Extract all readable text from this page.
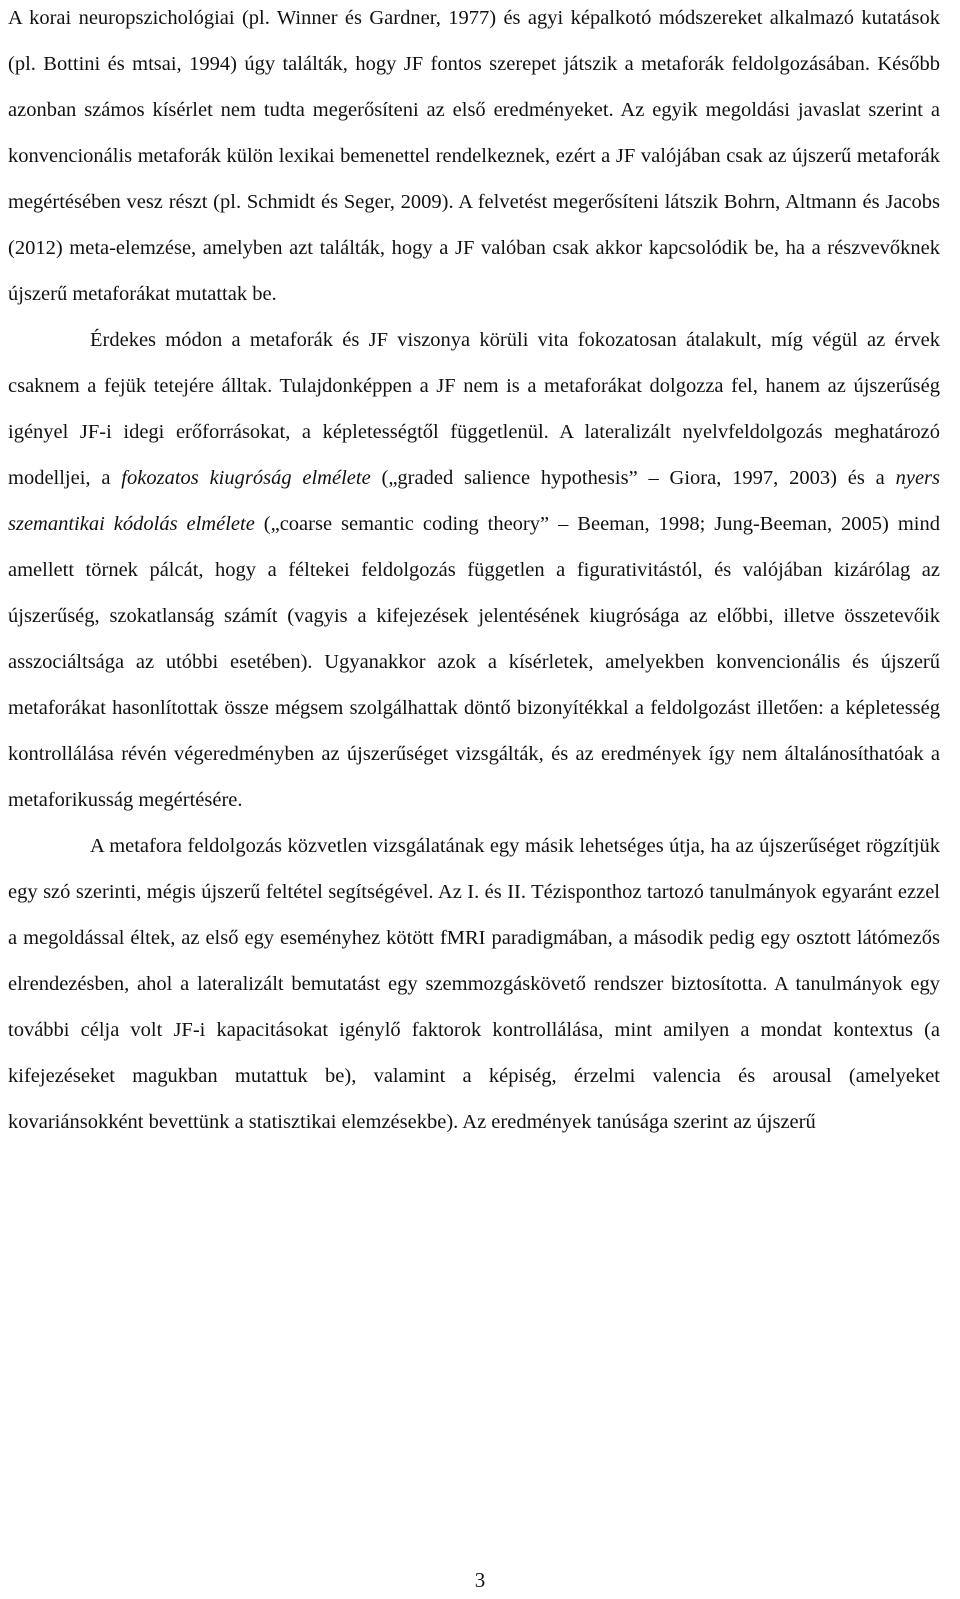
A korai neuropszichológiai (pl. Winner és Gardner, 1977) és agyi képalkotó módszereket alkalmazó kutatások (pl. Bottini és mtsai, 1994) úgy találták, hogy JF fontos szerepet játszik a metaforák feldolgozásában. Később azonban számos kísérlet nem tudta megerősíteni az első eredményeket. Az egyik megoldási javaslat szerint a konvencionális metaforák külön lexikai bemenettel rendelkeznek, ezért a JF valójában csak az újszerű metaforák megértésében vesz részt (pl. Schmidt és Seger, 2009). A felvetést megerősíteni látszik Bohrn, Altmann és Jacobs (2012) meta-elemzése, amelyben azt találták, hogy a JF valóban csak akkor kapcsolódik be, ha a részvevőknek újszerű metaforákat mutattak be.

Érdekes módon a metaforák és JF viszonya körüli vita fokozatosan átalakult, míg végül az érvek csaknem a fejük tetejére álltak. Tulajdonképpen a JF nem is a metaforákat dolgozza fel, hanem az újszerűség igényel JF-i idegi erőforrásokat, a képletességtől függetlenül. A lateralizált nyelvfeldolgozás meghatározó modelljei, a fokozatos kiugróság elmélete („graded salience hypothesis” – Giora, 1997, 2003) és a nyers szemantikai kódolás elmélete („coarse semantic coding theory” – Beeman, 1998; Jung-Beeman, 2005) mind amellett törnek pálcát, hogy a féltekei feldolgozás független a figurativitástól, és valójában kizárólag az újszerűség, szokatlanság számít (vagyis a kifejezések jelentésének kiugrósága az előbbi, illetve összetevőik asszociáltsága az utóbbi esetében). Ugyanakkor azok a kísérletek, amelyekben konvencionális és újszerű metaforákat hasonlítottak össze mégsem szolgálhattak döntő bizonyítékkal a feldolgozást illetően: a képletesség kontrollálása révén végeredményben az újszerűséget vizsgálták, és az eredmények így nem általánosíthatóak a metaforikusság megértésére.

A metafora feldolgozás közvetlen vizsgálatának egy másik lehetséges útja, ha az újszerűséget rögzítjük egy szó szerinti, mégis újszerű feltétel segítségével. Az I. és II. Tézisponthoz tartozó tanulmányok egyaránt ezzel a megoldással éltek, az első egy eseményhez kötött fMRI paradigmában, a második pedig egy osztott látómezős elrendezésben, ahol a lateralizált bemutatást egy szemmozgáskövető rendszer biztosította. A tanulmányok egy további célja volt JF-i kapacitásokat igénylő faktorok kontrollálása, mint amilyen a mondat kontextus (a kifejezéseket magukban mutattuk be), valamint a képiség, érzelmi valencia és arousal (amelyeket kovariánsokként bevettünk a statisztikai elemzésekbe). Az eredmények tanúsága szerint az újszerű

3
